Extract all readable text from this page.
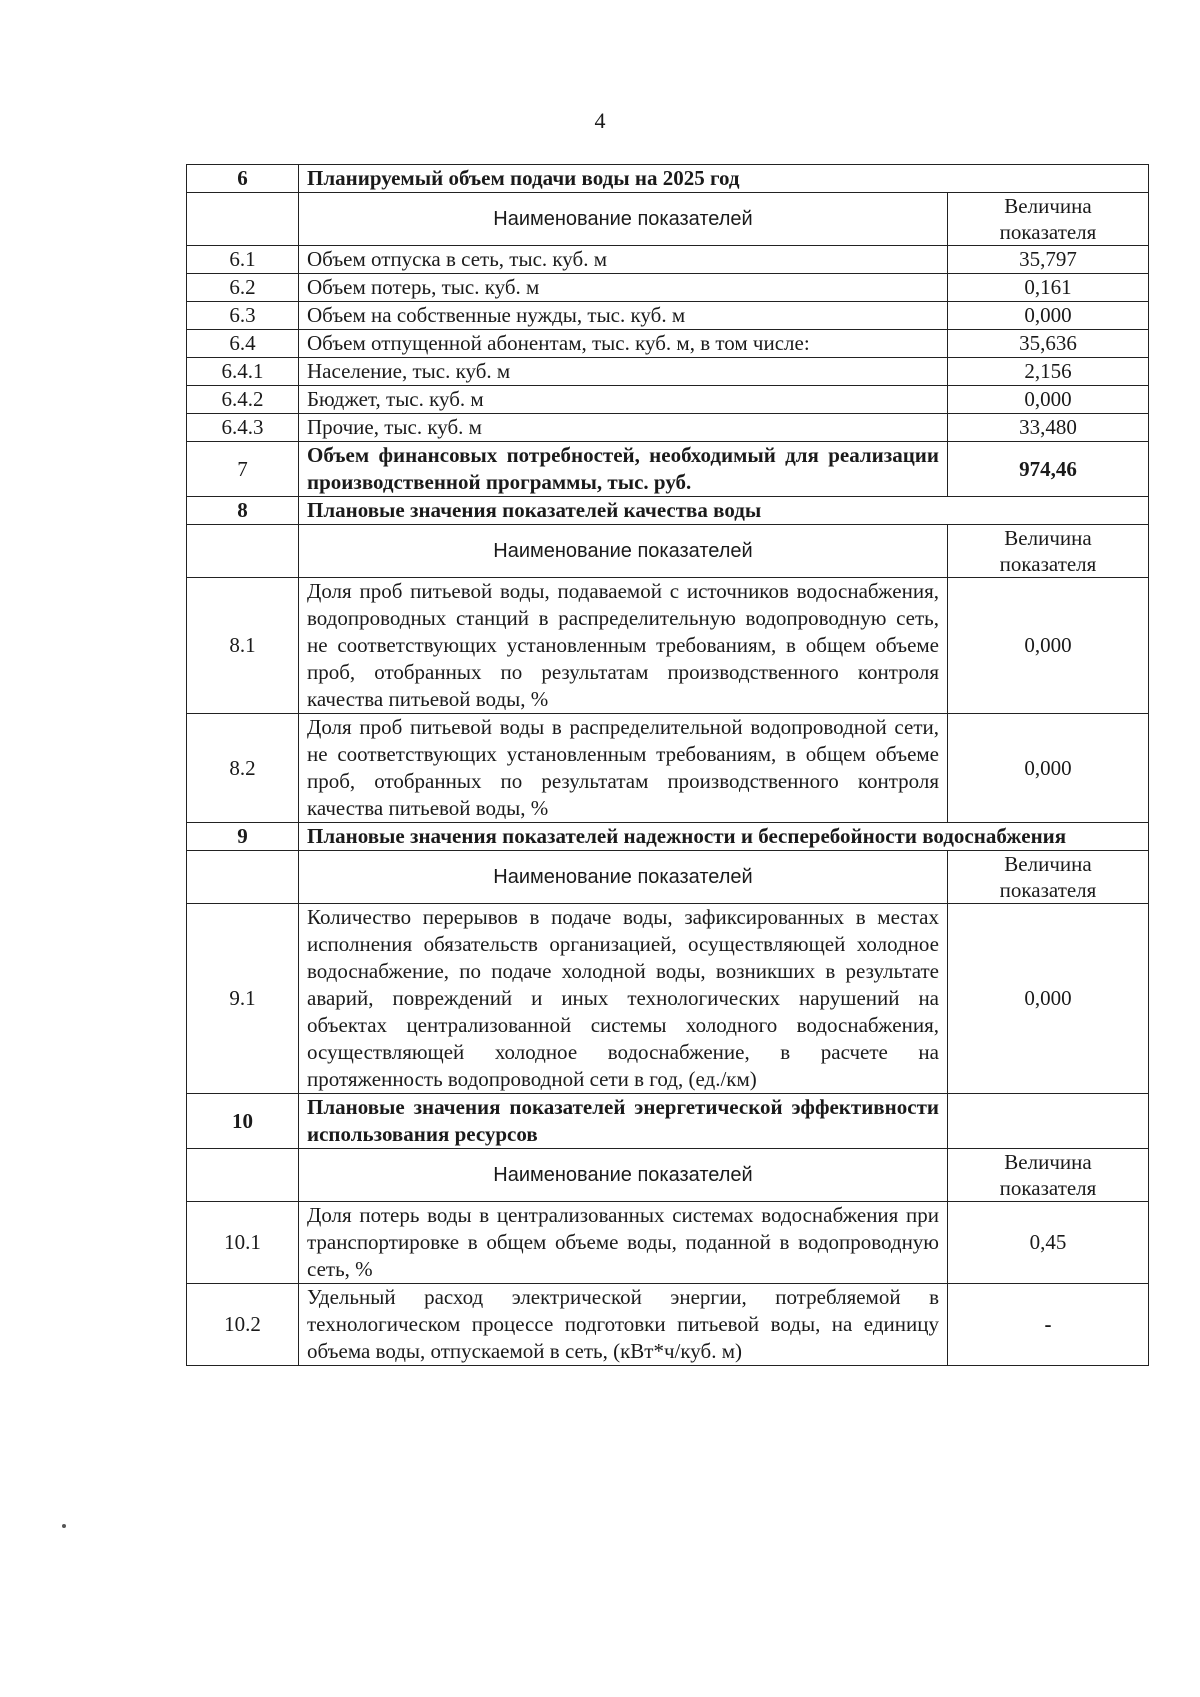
4
6	Планируемый объем подачи воды на 2025 год	
	Наименование показателей	Величина показателя
6.1	Объем отпуска в сеть, тыс. куб. м	35,797
6.2	Объем потерь, тыс. куб. м	0,161
6.3	Объем на собственные нужды, тыс. куб. м	0,000
6.4	Объем отпущенной абонентам, тыс. куб. м, в том числе:	35,636
6.4.1	Население, тыс. куб. м	2,156
6.4.2	Бюджет, тыс. куб. м	0,000
6.4.3	Прочие, тыс. куб. м	33,480
7	Объем финансовых потребностей, необходимый для реализации производственной программы, тыс. руб.	974,46
8	Плановые значения показателей качества воды	
	Наименование показателей	Величина показателя
8.1	Доля проб питьевой воды, подаваемой с источников водоснабжения, водопроводных станций в распределительную водопроводную сеть, не соответствующих установленным требованиям, в общем объеме проб, отобранных по результатам производственного контроля качества питьевой воды, %	0,000
8.2	Доля проб питьевой воды в распределительной водопроводной сети, не соответствующих установленным требованиям, в общем объеме проб, отобранных по результатам производственного контроля качества питьевой воды, %	0,000
9	Плановые значения показателей надежности и бесперебойности водоснабжения	
	Наименование показателей	Величина показателя
9.1	Количество перерывов в подаче воды, зафиксированных в местах исполнения обязательств организацией, осуществляющей холодное водоснабжение, по подаче холодной воды, возникших в результате аварий, повреждений и иных технологических нарушений на объектах централизованной системы холодного водоснабжения, осуществляющей холодное водоснабжение, в расчете на протяженность водопроводной сети в год, (ед./км)	0,000
10	Плановые значения показателей энергетической эффективности использования ресурсов	
	Наименование показателей	Величина показателя
10.1	Доля потерь воды в централизованных системах водоснабжения при транспортировке в общем объеме воды, поданной в водопроводную сеть, %	0,45
10.2	Удельный расход электрической энергии, потребляемой в технологическом процессе подготовки питьевой воды, на единицу объема воды, отпускаемой в сеть, (кВт*ч/куб. м)	-
